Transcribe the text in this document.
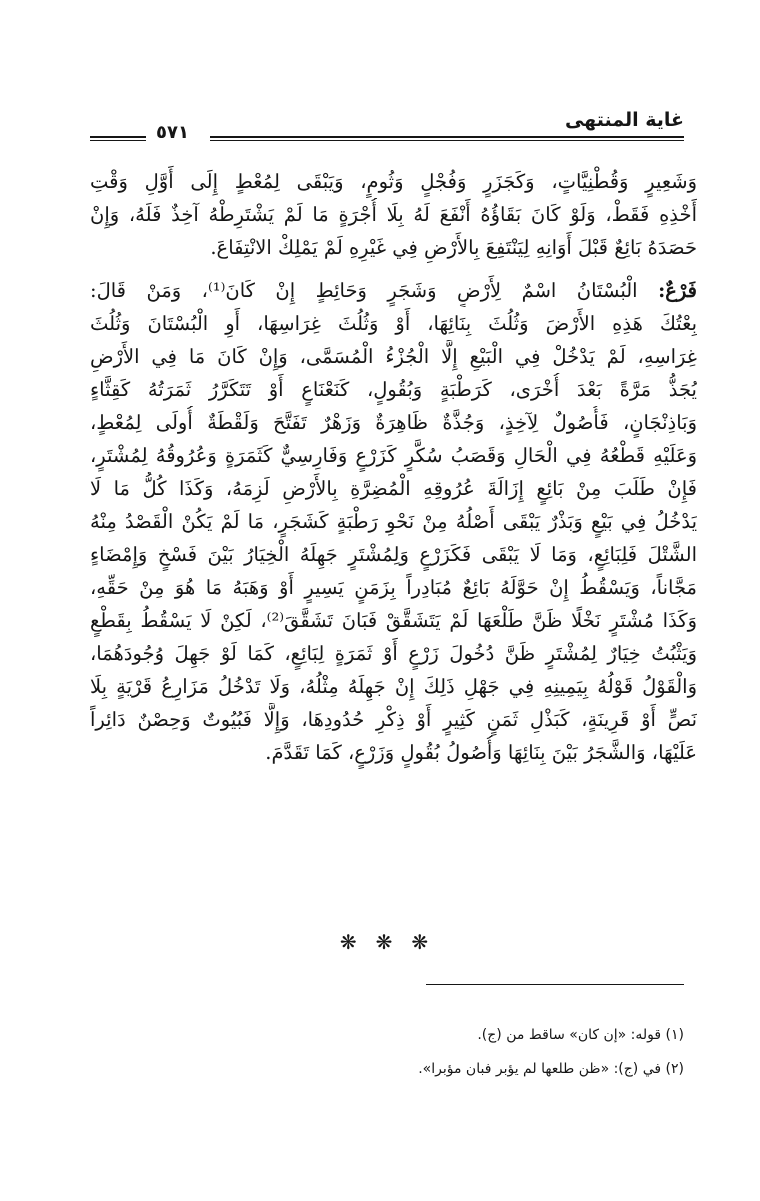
غاية المنتهى
٥٧١

وَشَعِيرٍ وَقُطْنِيَّاتٍ، وَكَجَزَرٍ وَفُجْلٍ وَثُومٍ، وَيَبْقَى لِمُعْطٍ إِلَى أَوَّلِ وَقْتِ
أَخْذِهِ فَقَطْ، وَلَوْ كَانَ بَقَاؤُهُ أَنْفَعَ لَهُ بِلَا أُجْرَةٍ مَا لَمْ يَشْتَرِطْهُ آخِذٌ فَلَهُ، وَإِنْ
حَصَدَهُ بَائِعٌ قَبْلَ أَوَانِهِ لِيَنْتَفِعَ بِالأَرْضِ فِي غَيْرِهِ لَمْ يَمْلِكْ الانْتِفَاعَ.

فَرْعٌ: الْبُسْتَانُ اسْمٌ لِأَرْضٍ وَشَجَرٍ وَحَائِطٍ إِنْ كَانَ⁽¹⁾، وَمَنْ قَالَ:
بِعْتُكَ هَذِهِ الأَرْضَ وَثُلُثَ بِنَائِهَا، أَوْ وَثُلُثَ غِرَاسِهَا، أَوِ الْبُسْتَانَ وَثُلُثَ
غِرَاسِهِ، لَمْ يَدْخُلْ فِي الْبَيْعِ إِلَّا الْجُزْءُ الْمُسَمَّى، وَإِنْ كَانَ مَا فِي الأَرْضِ
يُجَذُّ مَرَّةً بَعْدَ أُخْرَى، كَرَطْبَةٍ وَبُقُولٍ، كَنَعْنَاعٍ أَوْ تَتَكَرَّرُ ثَمَرَتُهُ كَقِثَّاءٍ
وَبَاذِنْجَانٍ، فَأُصُولٌ لِآخِذٍ، وَجُذَّةٌ ظَاهِرَةٌ وَزَهْرٌ تَفَتَّحَ وَلَقْطَةٌ أُولَى لِمُعْطٍ،
وَعَلَيْهِ قَطْعُهُ فِي الْحَالِ وَقَصَبُ سُكَّرٍ كَزَرْعٍ وَفَارِسِيٌّ كَثَمَرَةٍ وَعُرُوقُهُ لِمُشْتَرٍ،
فَإِنْ طَلَبَ مِنْ بَائِعٍ إِزَالَةَ عُرُوقِهِ الْمُضِرَّةِ بِالأَرْضِ لَزِمَهُ، وَكَذَا كُلُّ مَا لَا
يَدْخُلُ فِي بَيْعٍ وَبَذْرٌ يَبْقَى أَصْلُهُ مِنْ نَحْوِ رَطْبَةٍ كَشَجَرٍ، مَا لَمْ يَكُنْ الْقَصْدُ مِنْهُ
الشَّتْلَ فَلِبَائِعٍ، وَمَا لَا يَبْقَى فَكَزَرْعٍ وَلِمُشْتَرٍ جَهِلَهُ الْخِيَارُ بَيْنَ فَسْخٍ وَإِمْضَاءٍ
مَجَّاناً، وَيَسْقُطُ إِنْ حَوَّلَهُ بَائِعٌ مُبَادِراً بِزَمَنٍ يَسِيرٍ أَوْ وَهَبَهُ مَا هُوَ مِنْ حَقِّهِ،
وَكَذَا مُشْتَرٍ نَخْلًا ظَنَّ طَلْعَهَا لَمْ يَتَشَقَّقْ فَبَانَ تَشَقَّقَ⁽²⁾، لَكِنْ لَا يَسْقُطُ بِقَطْعٍ
وَيَثْبُتُ خِيَارٌ لِمُشْتَرٍ ظَنَّ دُخُولَ زَرْعٍ أَوْ ثَمَرَةٍ لِبَائِعٍ، كَمَا لَوْ جَهِلَ وُجُودَهُمَا،
وَالْقَوْلُ قَوْلُهُ بِيَمِينِهِ فِي جَهْلِ ذَلِكَ إِنْ جَهِلَهُ مِثْلُهُ، وَلَا تَدْخُلُ مَزَارِعُ قَرْيَةٍ بِلَا
نَصٍّ أَوْ قَرِينَةٍ، كَبَذْلِ ثَمَنٍ كَثِيرٍ أَوْ ذِكْرِ حُدُودِهَا، وَإِلَّا فَبُيُوتٌ وَحِصْنٌ دَائِراً
عَلَيْهَا، وَالشَّجَرُ بَيْنَ بِنَائِهَا وَأُصُولُ بُقُولٍ وَزَرْعٍ، كَمَا تَقَدَّمَ.

❋ ❋ ❋
(١) قوله: «إن كان» ساقط من (ج).
(٢) في (ج): «ظن طلعها لم يؤبر فبان مؤبرا».
